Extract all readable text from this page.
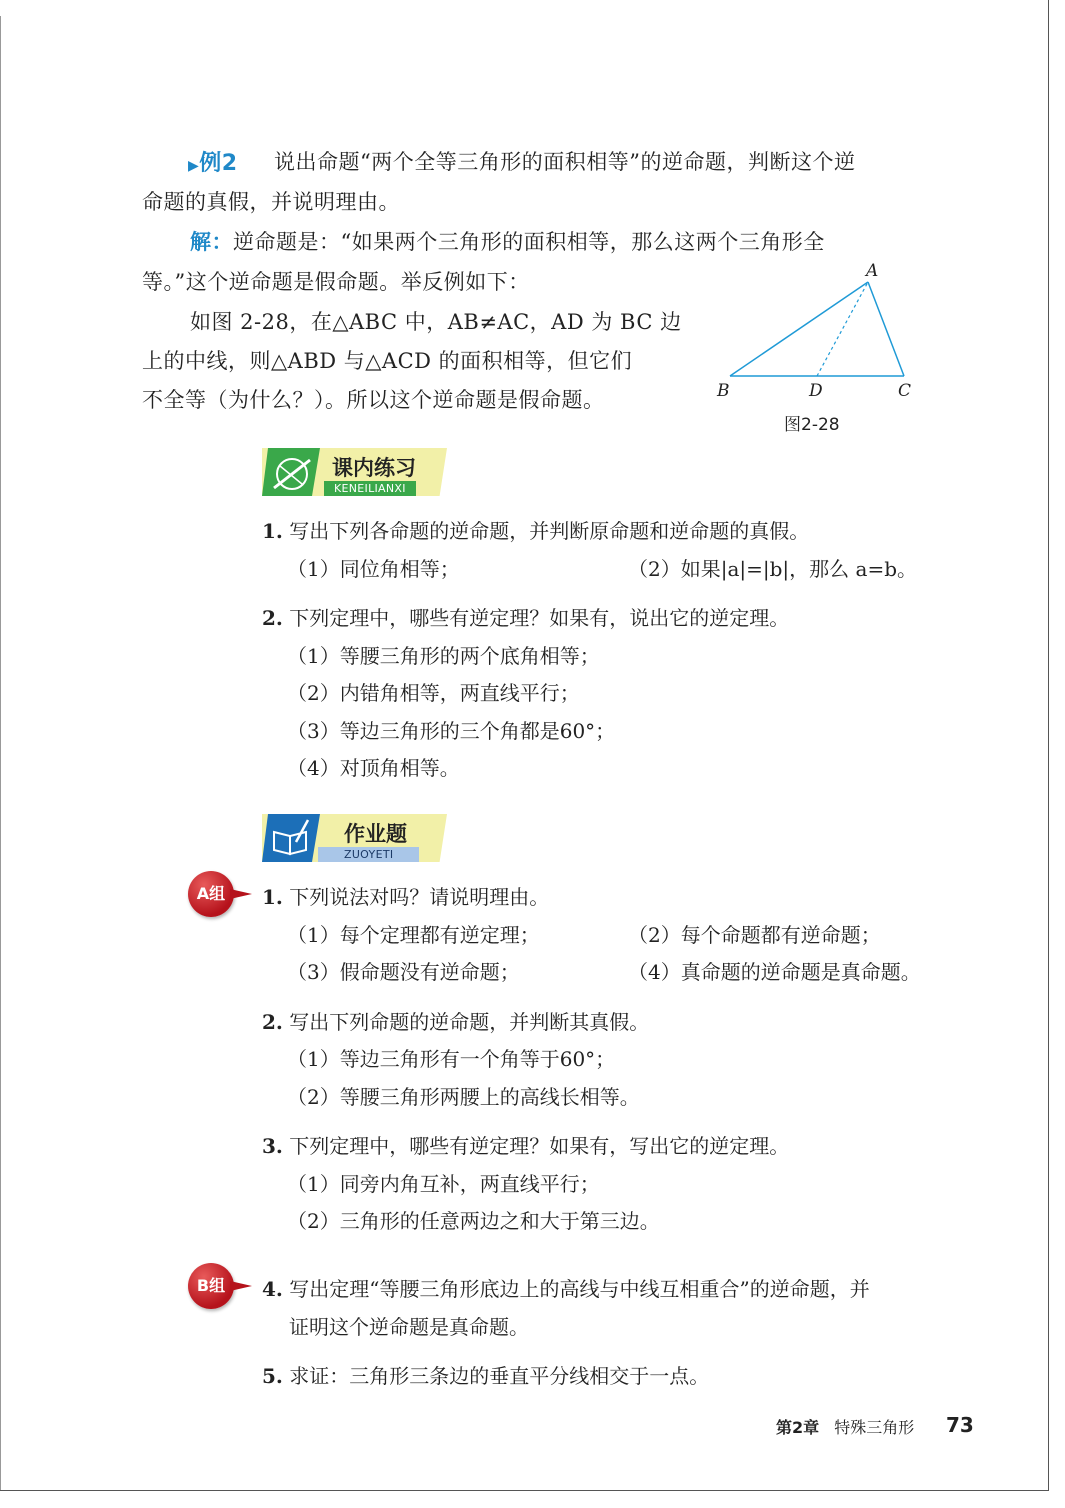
▶例2 说出命题“两个全等三角形的面积相等”的逆命题，判断这个逆
命题的真假，并说明理由。
解：逆命题是：“如果两个三角形的面积相等，那么这两个三角形全
等。”这个逆命题是假命题。举反例如下：
如图 2-28，在△ABC 中，AB≠AC，AD 为 BC 边
上的中线，则△ABD 与△ACD 的面积相等，但它们
不全等（为什么？）。所以这个逆命题是假命题。
A
B	D	C
图2-28
课内练习
KENEILIANXI
1. 写出下列各命题的逆命题，并判断原命题和逆命题的真假。
（1）同位角相等；	（2）如果|a|=|b|，那么 a=b。
2. 下列定理中，哪些有逆定理？如果有，说出它的逆定理。
（1）等腰三角形的两个底角相等；
（2）内错角相等，两直线平行；
（3）等边三角形的三个角都是60°；
（4）对顶角相等。
作业题
ZUOYETI
A组	1. 下列说法对吗？请说明理由。
（1）每个定理都有逆定理；	（2）每个命题都有逆命题；
（3）假命题没有逆命题；	（4）真命题的逆命题是真命题。
2. 写出下列命题的逆命题，并判断其真假。
（1）等边三角形有一个角等于60°；
（2）等腰三角形两腰上的高线长相等。
3. 下列定理中，哪些有逆定理？如果有，写出它的逆定理。
（1）同旁内角互补，两直线平行；
（2）三角形的任意两边之和大于第三边。
B组	4. 写出定理“等腰三角形底边上的高线与中线互相重合”的逆命题，并
证明这个逆命题是真命题。
5. 求证：三角形三条边的垂直平分线相交于一点。
第2章 特殊三角形 73
